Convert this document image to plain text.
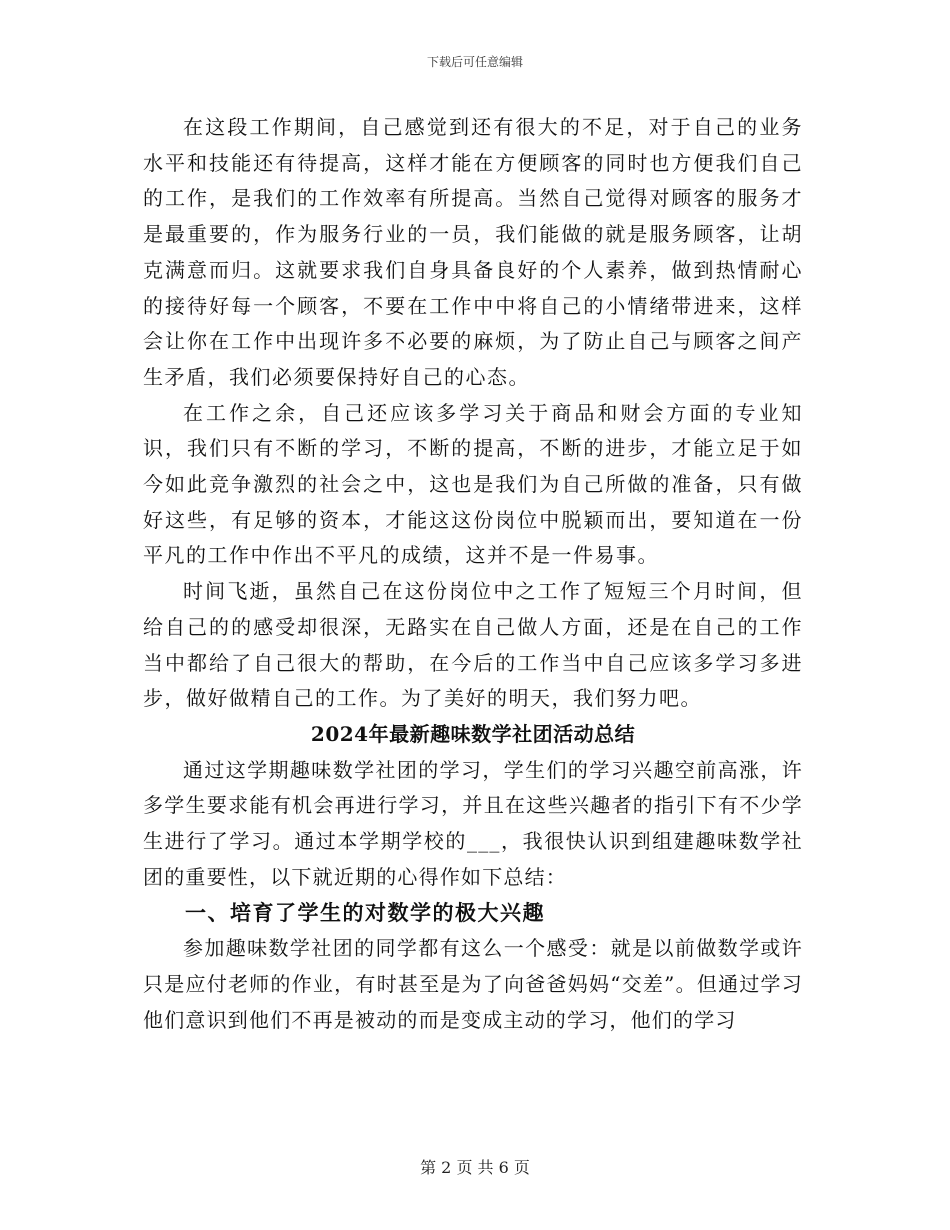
下载后可任意编辑

在这段工作期间，自己感觉到还有很大的不足，对于自己的业务水平和技能还有待提高，这样才能在方便顾客的同时也方便我们自己的工作，是我们的工作效率有所提高。当然自己觉得对顾客的服务才是最重要的，作为服务行业的一员，我们能做的就是服务顾客，让胡克满意而归。这就要求我们自身具备良好的个人素养，做到热情耐心的接待好每一个顾客，不要在工作中中将自己的小情绪带进来，这样会让你在工作中出现许多不必要的麻烦，为了防止自己与顾客之间产生矛盾，我们必须要保持好自己的心态。

在工作之余，自己还应该多学习关于商品和财会方面的专业知识，我们只有不断的学习，不断的提高，不断的进步，才能立足于如今如此竞争激烈的社会之中，这也是我们为自己所做的准备，只有做好这些，有足够的资本，才能这这份岗位中脱颖而出，要知道在一份平凡的工作中作出不平凡的成绩，这并不是一件易事。

时间飞逝，虽然自己在这份岗位中之工作了短短三个月时间，但给自己的的感受却很深，无路实在自己做人方面，还是在自己的工作当中都给了自己很大的帮助，在今后的工作当中自己应该多学习多进步，做好做精自己的工作。为了美好的明天，我们努力吧。

2024年最新趣味数学社团活动总结

通过这学期趣味数学社团的学习，学生们的学习兴趣空前高涨，许多学生要求能有机会再进行学习，并且在这些兴趣者的指引下有不少学生进行了学习。通过本学期学校的___，我很快认识到组建趣味数学社团的重要性，以下就近期的心得作如下总结：

一、培育了学生的对数学的极大兴趣

参加趣味数学社团的同学都有这么一个感受：就是以前做数学或许只是应付老师的作业，有时甚至是为了向爸爸妈妈“交差”。但通过学习他们意识到他们不再是被动的而是变成主动的学习，他们的学习

第 2 页 共 6 页
